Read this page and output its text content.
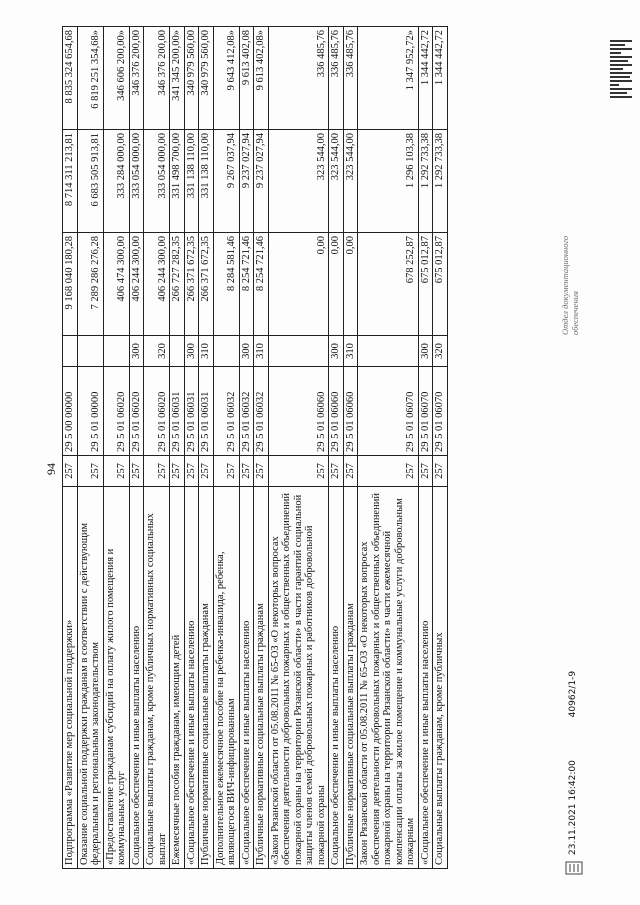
94
Подпрограмма «Развитие мер социальной поддержки»	257	29 5 00 00000		9 168 040 180,28	8 714 311 213,81	8 835 324 654,68
Оказание социальной поддержки гражданам в соответствии с действующим федеральным и региональным законодательством	257	29 5 01 00000		7 289 286 276,28	6 683 505 913,81	6 819 251 354,68»
«Предоставление гражданам субсидий на оплату жилого помещения и коммунальных услуг	257	29 5 01 06020		406 474 300,00	333 284 000,00	346 606 200,00»
Социальное обеспечение и иные выплаты населению	257	29 5 01 06020	300	406 244 300,00	333 054 000,00	346 376 200,00
Социальные выплаты гражданам, кроме публичных нормативных социальных выплат	257	29 5 01 06020	320	406 244 300,00	333 054 000,00	346 376 200,00
Ежемесячные пособия гражданам, имеющим детей	257	29 5 01 06031		266 727 282,35	331 498 700,00	341 345 200,00»
«Социальное обеспечение и иные выплаты населению	257	29 5 01 06031	300	266 371 672,35	331 138 110,00	340 979 560,00
Публичные нормативные социальные выплаты гражданам	257	29 5 01 06031	310	266 371 672,35	331 138 110,00	340 979 560,00
Дополнительное ежемесячное пособие на ребенка-инвалида, ребенка, являющегося ВИЧ-инфицированным	257	29 5 01 06032		8 284 581,46	9 267 037,94	9 643 412,08»
«Социальное обеспечение и иные выплаты населению	257	29 5 01 06032	300	8 254 721,46	9 237 027,94	9 613 402,08
Публичные нормативные социальные выплаты гражданам	257	29 5 01 06032	310	8 254 721,46	9 237 027,94	9 613 402,08»
«Закон Рязанской области от 05.08.2011 № 65-ОЗ «О некоторых вопросах обеспечения деятельности добровольных пожарных и общественных объединений пожарной охраны на территории Рязанской области» в части гарантий социальной защиты членов семей добровольных пожарных и работников добровольной пожарной охраны	257	29 5 01 06060		0,00	323 544,00	336 485,76
Социальное обеспечение и иные выплаты населению	257	29 5 01 06060	300	0,00	323 544,00	336 485,76
Публичные нормативные социальные выплаты гражданам	257	29 5 01 06060	310	0,00	323 544,00	336 485,76
Закон Рязанской области от 05.08.2011 № 65-ОЗ «О некоторых вопросах обеспечения деятельности добровольных пожарных и общественных объединений пожарной охраны на территории Рязанской области» в части ежемесячной компенсации оплаты за жилое помещение и коммунальные услуги добровольным пожарным	257	29 5 01 06070		678 252,87	1 296 103,38	1 347 952,72»
«Социальное обеспечение и иные выплаты населению	257	29 5 01 06070	300	675 012,87	1 292 733,38	1 344 442,72
Социальные выплаты гражданам, кроме публичных	257	29 5 01 06070	320	675 012,87	1 292 733,38	1 344 442,72
23.11.2021 16:42:00 40962/1-9
Отдел документационного обеспечения
